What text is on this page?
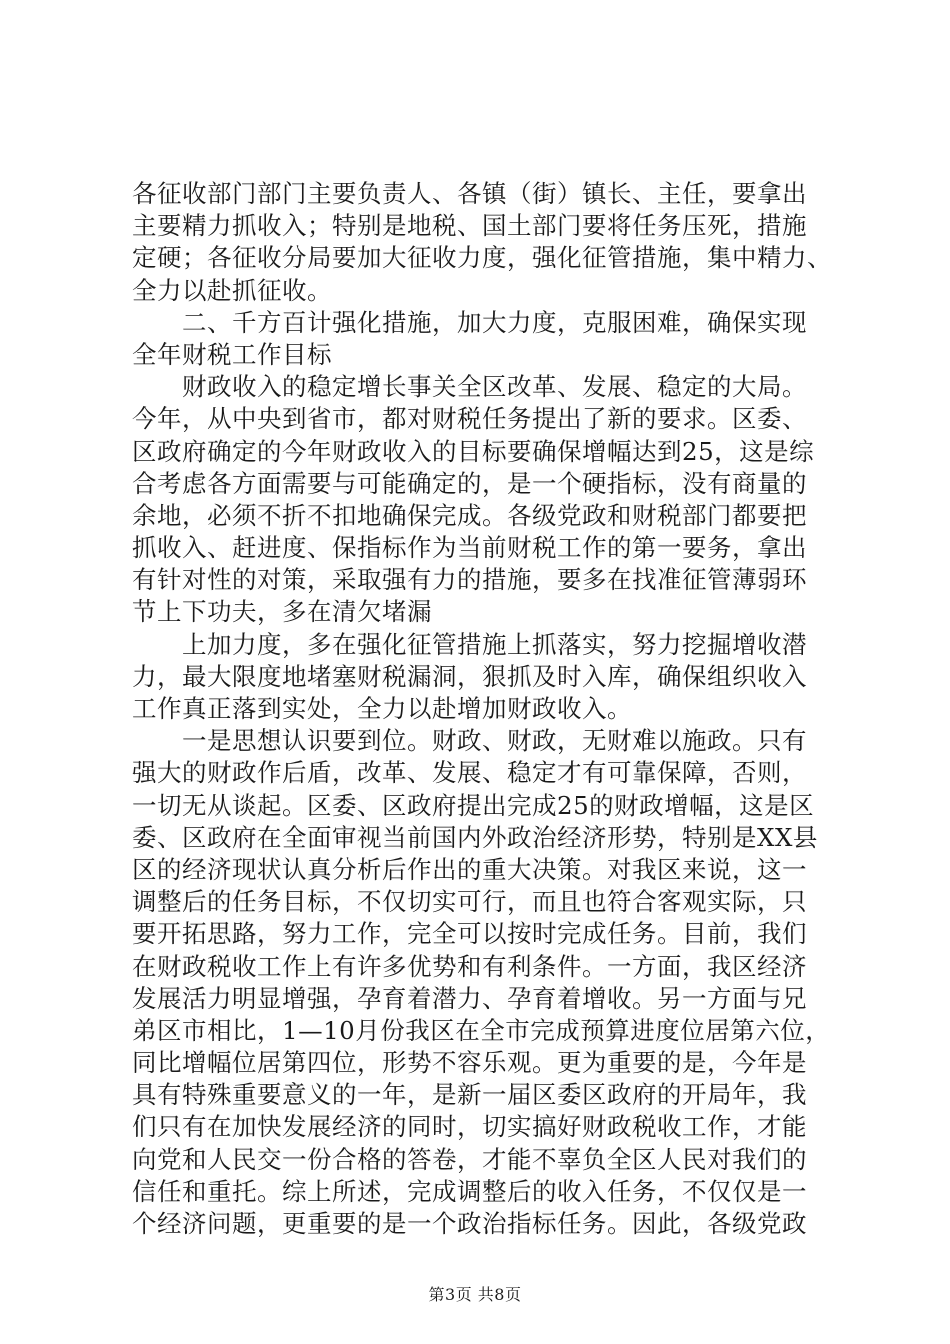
各征收部门部门主要负责人、各镇（街）镇长、主任，要拿出
主要精力抓收入；特别是地税、国土部门要将任务压死，措施
定硬；各征收分局要加大征收力度，强化征管措施，集中精力、
全力以赴抓征收。
二、千方百计强化措施，加大力度，克服困难，确保实现
全年财税工作目标
财政收入的稳定增长事关全区改革、发展、稳定的大局。
今年，从中央到省市，都对财税任务提出了新的要求。区委、
区政府确定的今年财政收入的目标要确保增幅达到25，这是综
合考虑各方面需要与可能确定的，是一个硬指标，没有商量的
余地，必须不折不扣地确保完成。各级党政和财税部门都要把
抓收入、赶进度、保指标作为当前财税工作的第一要务，拿出
有针对性的对策，采取强有力的措施，要多在找准征管薄弱环
节上下功夫，多在清欠堵漏
上加力度，多在强化征管措施上抓落实，努力挖掘增收潜
力，最大限度地堵塞财税漏洞，狠抓及时入库，确保组织收入
工作真正落到实处，全力以赴增加财政收入。
一是思想认识要到位。财政、财政，无财难以施政。只有
强大的财政作后盾，改革、发展、稳定才有可靠保障，否则，
一切无从谈起。区委、区政府提出完成25的财政增幅，这是区
委、区政府在全面审视当前国内外政治经济形势，特别是XX县
区的经济现状认真分析后作出的重大决策。对我区来说，这一
调整后的任务目标，不仅切实可行，而且也符合客观实际，只
要开拓思路，努力工作，完全可以按时完成任务。目前，我们
在财政税收工作上有许多优势和有利条件。一方面，我区经济
发展活力明显增强，孕育着潜力、孕育着增收。另一方面与兄
弟区市相比，1—10月份我区在全市完成预算进度位居第六位，
同比增幅位居第四位，形势不容乐观。更为重要的是，今年是
具有特殊重要意义的一年，是新一届区委区政府的开局年，我
们只有在加快发展经济的同时，切实搞好财政税收工作，才能
向党和人民交一份合格的答卷，才能不辜负全区人民对我们的
信任和重托。综上所述，完成调整后的收入任务，不仅仅是一
个经济问题，更重要的是一个政治指标任务。因此，各级党政
第3页 共8页
